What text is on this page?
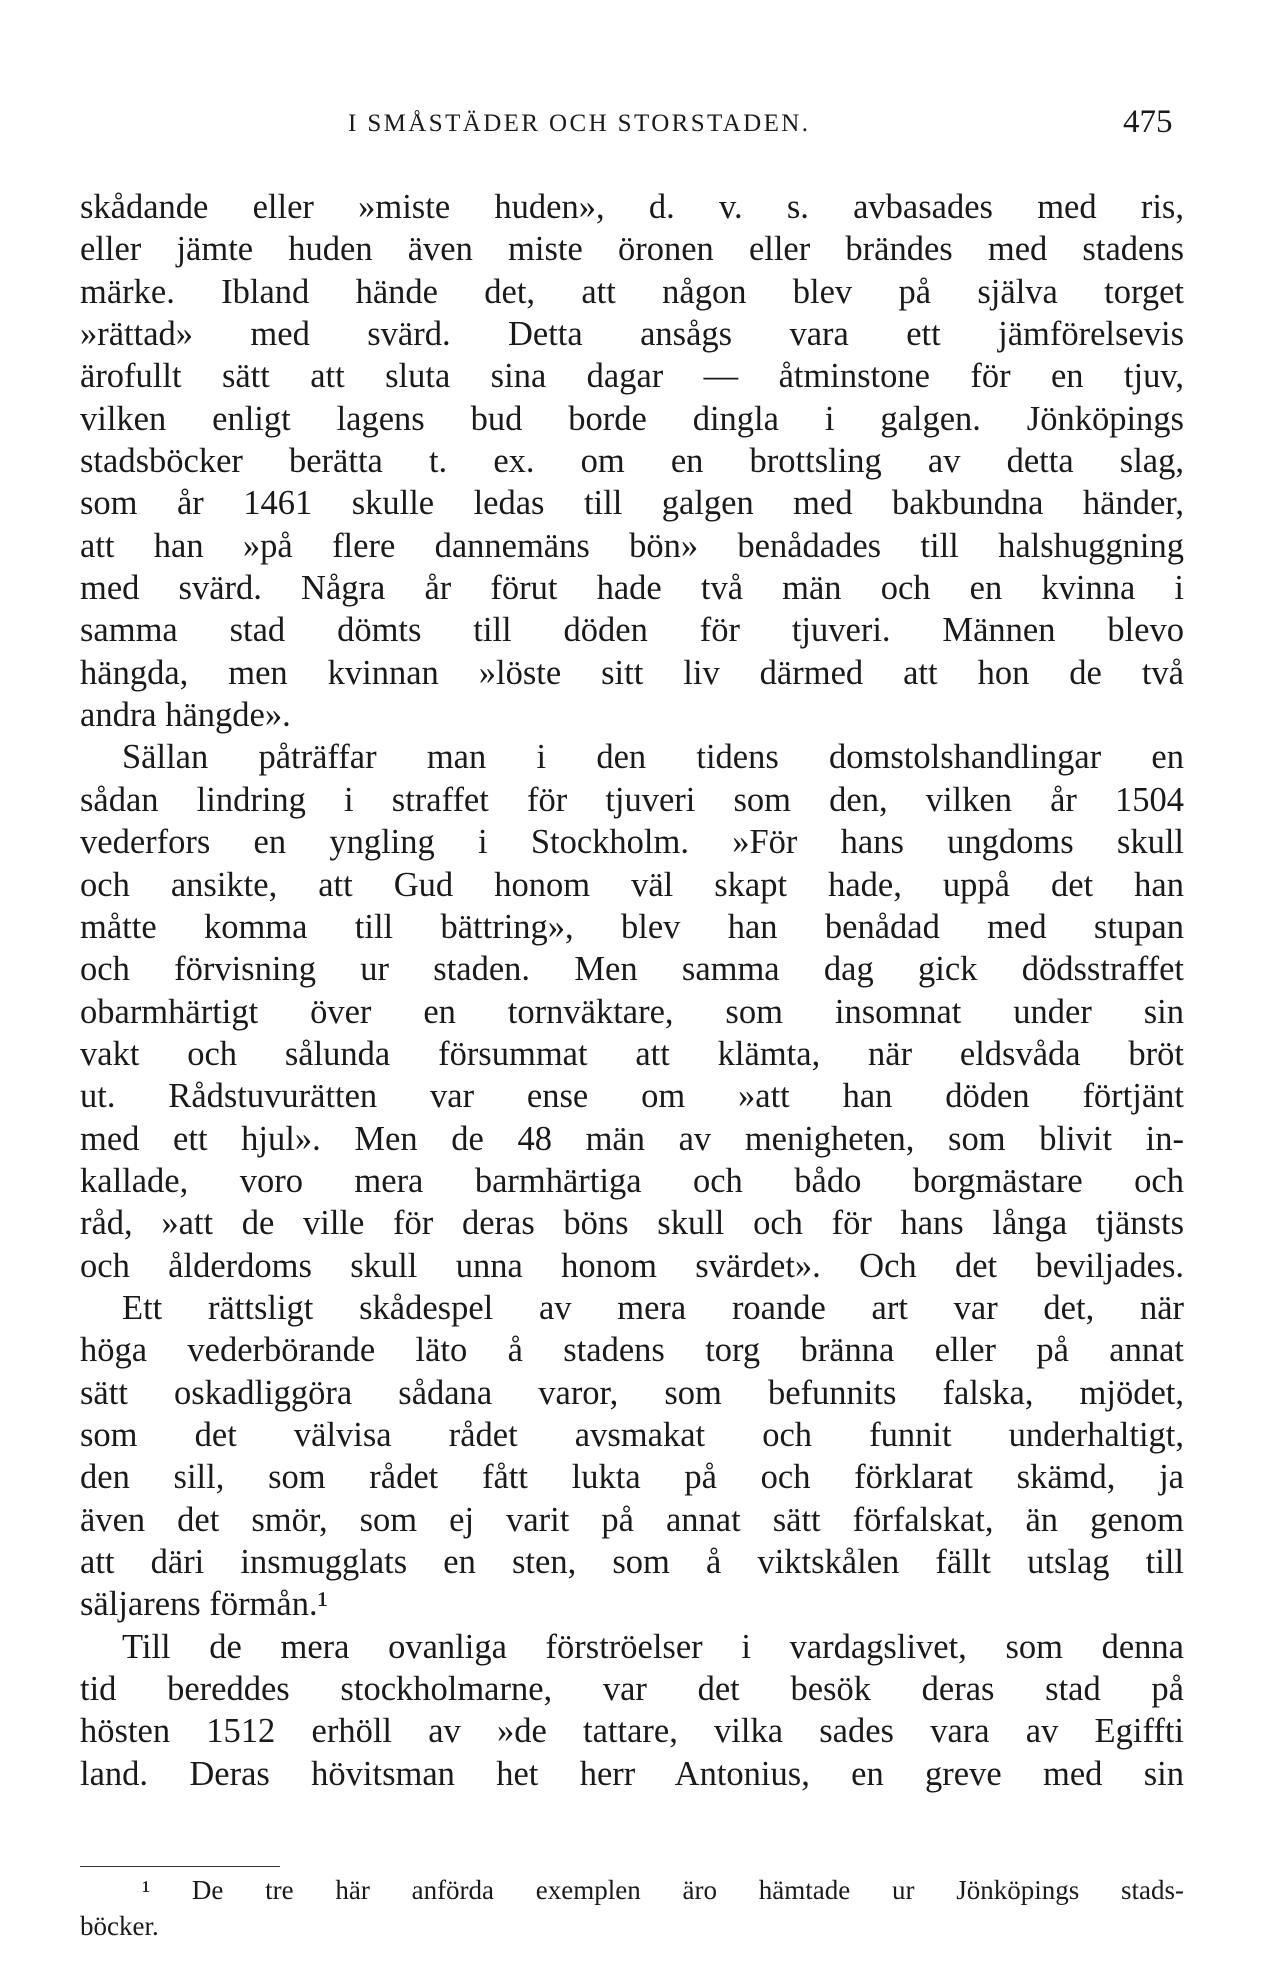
I SMÅSTÄDER OCH STORSTADEN.	475
skådande eller »miste huden», d. v. s. avbasades med ris,
eller jämte huden även miste öronen eller brändes med stadens
märke. Ibland hände det, att någon blev på själva torget
»rättad» med svärd. Detta ansågs vara ett jämförelsevis
ärofullt sätt att sluta sina dagar — åtminstone för en tjuv,
vilken enligt lagens bud borde dingla i galgen. Jönköpings
stadsböcker berätta t. ex. om en brottsling av detta slag,
som år 1461 skulle ledas till galgen med bakbundna händer,
att han »på flere dannemäns bön» benådades till halshuggning
med svärd. Några år förut hade två män och en kvinna i
samma stad dömts till döden för tjuveri. Männen blevo
hängda, men kvinnan »löste sitt liv därmed att hon de två
andra hängde».
Sällan påträffar man i den tidens domstolshandlingar en
sådan lindring i straffet för tjuveri som den, vilken år 1504
vederfors en yngling i Stockholm. »För hans ungdoms skull
och ansikte, att Gud honom väl skapt hade, uppå det han
måtte komma till bättring», blev han benådad med stupan
och förvisning ur staden. Men samma dag gick dödsstraffet
obarmhärtigt över en tornväktare, som insomnat under sin
vakt och sålunda försummat att klämta, när eldsvåda bröt
ut. Rådstuvurätten var ense om »att han döden förtjänt
med ett hjul». Men de 48 män av menigheten, som blivit in-
kallade, voro mera barmhärtiga och bådo borgmästare och
råd, »att de ville för deras böns skull och för hans långa tjänsts
och ålderdoms skull unna honom svärdet». Och det beviljades.
Ett rättsligt skådespel av mera roande art var det, när
höga vederbörande läto å stadens torg bränna eller på annat
sätt oskadliggöra sådana varor, som befunnits falska, mjödet,
som det välvisa rådet avsmakat och funnit underhaltigt,
den sill, som rådet fått lukta på och förklarat skämd, ja
även det smör, som ej varit på annat sätt förfalskat, än genom
att däri insmugglats en sten, som å viktskålen fällt utslag till
säljarens förmån.¹
Till de mera ovanliga förströelser i vardagslivet, som denna
tid bereddes stockholmarne, var det besök deras stad på
hösten 1512 erhöll av »de tattare, vilka sades vara av Egiffti
land. Deras hövitsman het herr Antonius, en greve med sin
¹ De tre här anförda exemplen äro hämtade ur Jönköpings stads-
böcker.
